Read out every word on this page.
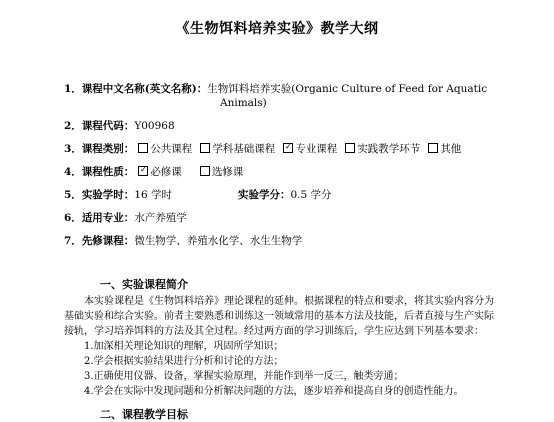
《生物饵料培养实验》教学大纲
1．课程中文名称(英文名称)：生物饵料培养实验(Organic Culture of Feed for Aquatic
Animals)
2．课程代码：Y00968
3．课程类别： 公共课程 学科基础课程 ✓ 专业课程 实践教学环节 其他
4．课程性质： ✓ 必修课	选修课
5．实验学时：16 学时	实验学分：0.5 学分
6．适用专业：水产养殖学
7．先修课程：微生物学、养殖水化学、水生生物学
一、实验课程简介
本实验课程是《生物饵料培养》理论课程的延伸。根据课程的特点和要求，将其实验内容分为
基础实验和综合实验。前者主要熟悉和训练这一领域常用的基本方法及技能，后者直接与生产实际
接轨，学习培养饵料的方法及其全过程。经过两方面的学习训练后，学生应达到下列基本要求：
1.加深相关理论知识的理解，巩固所学知识；
2.学会根据实验结果进行分析和讨论的方法；
3.正确使用仪器、设备，掌握实验原理，并能作到举一反三，触类旁通；
4.学会在实际中发现问题和分析解决问题的方法，逐步培养和提高自身的创造性能力。
二、课程教学目标
